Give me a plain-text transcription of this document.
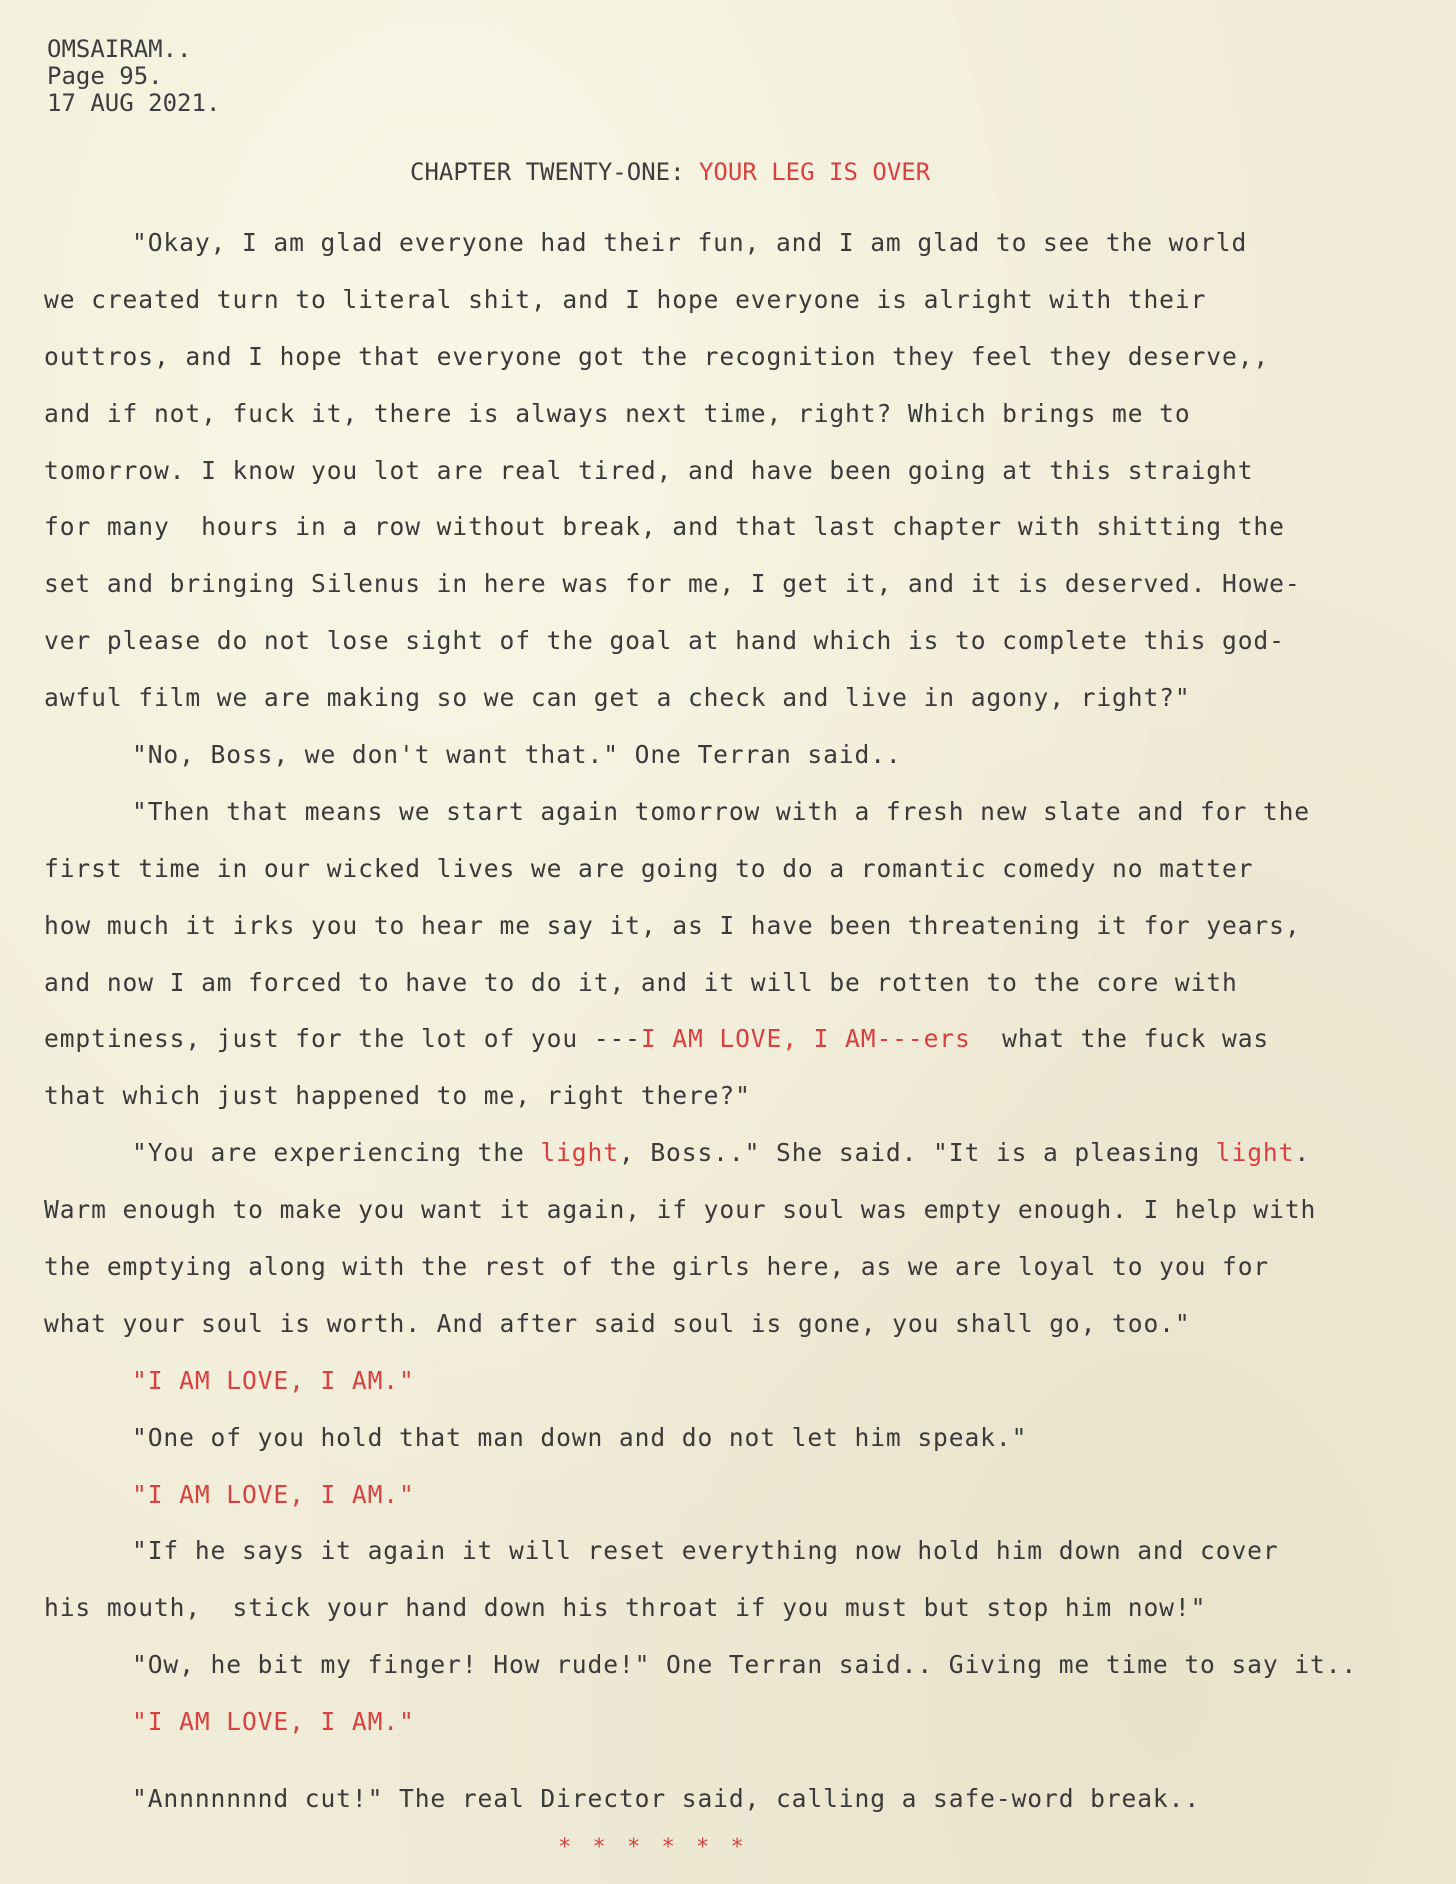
OMSAIRAM..
Page 95.
17 AUG 2021.
CHAPTER TWENTY-ONE: YOUR LEG IS OVER
"Okay, I am glad everyone had their fun, and I am glad to see the world
we created turn to literal shit, and I hope everyone is alright with their
outtros, and I hope that everyone got the recognition they feel they deserve,,
and if not, fuck it, there is always next time, right? Which brings me to
tomorrow. I know you lot are real tired, and have been going at this straight
for many  hours in a row without break, and that last chapter with shitting the
set and bringing Silenus in here was for me, I get it, and it is deserved. Howe-
ver please do not lose sight of the goal at hand which is to complete this god-
awful film we are making so we can get a check and live in agony, right?"
"No, Boss, we don't want that." One Terran said..
"Then that means we start again tomorrow with a fresh new slate and for the
first time in our wicked lives we are going to do a romantic comedy no matter
how much it irks you to hear me say it, as I have been threatening it for years,
and now I am forced to have to do it, and it will be rotten to the core with
emptiness, just for the lot of you ---I AM LOVE, I AM---ers  what the fuck was
that which just happened to me, right there?"
"You are experiencing the light, Boss.." She said. "It is a pleasing light.
Warm enough to make you want it again, if your soul was empty enough. I help with
the emptying along with the rest of the girls here, as we are loyal to you for
what your soul is worth. And after said soul is gone, you shall go, too."
"I AM LOVE, I AM."
"One of you hold that man down and do not let him speak."
"I AM LOVE, I AM."
"If he says it again it will reset everything now hold him down and cover
his mouth,  stick your hand down his throat if you must but stop him now!"
"Ow, he bit my finger! How rude!" One Terran said.. Giving me time to say it..
"I AM LOVE, I AM."
"Annnnnnnd cut!" The real Director said, calling a safe-word break..
* * * * * *
